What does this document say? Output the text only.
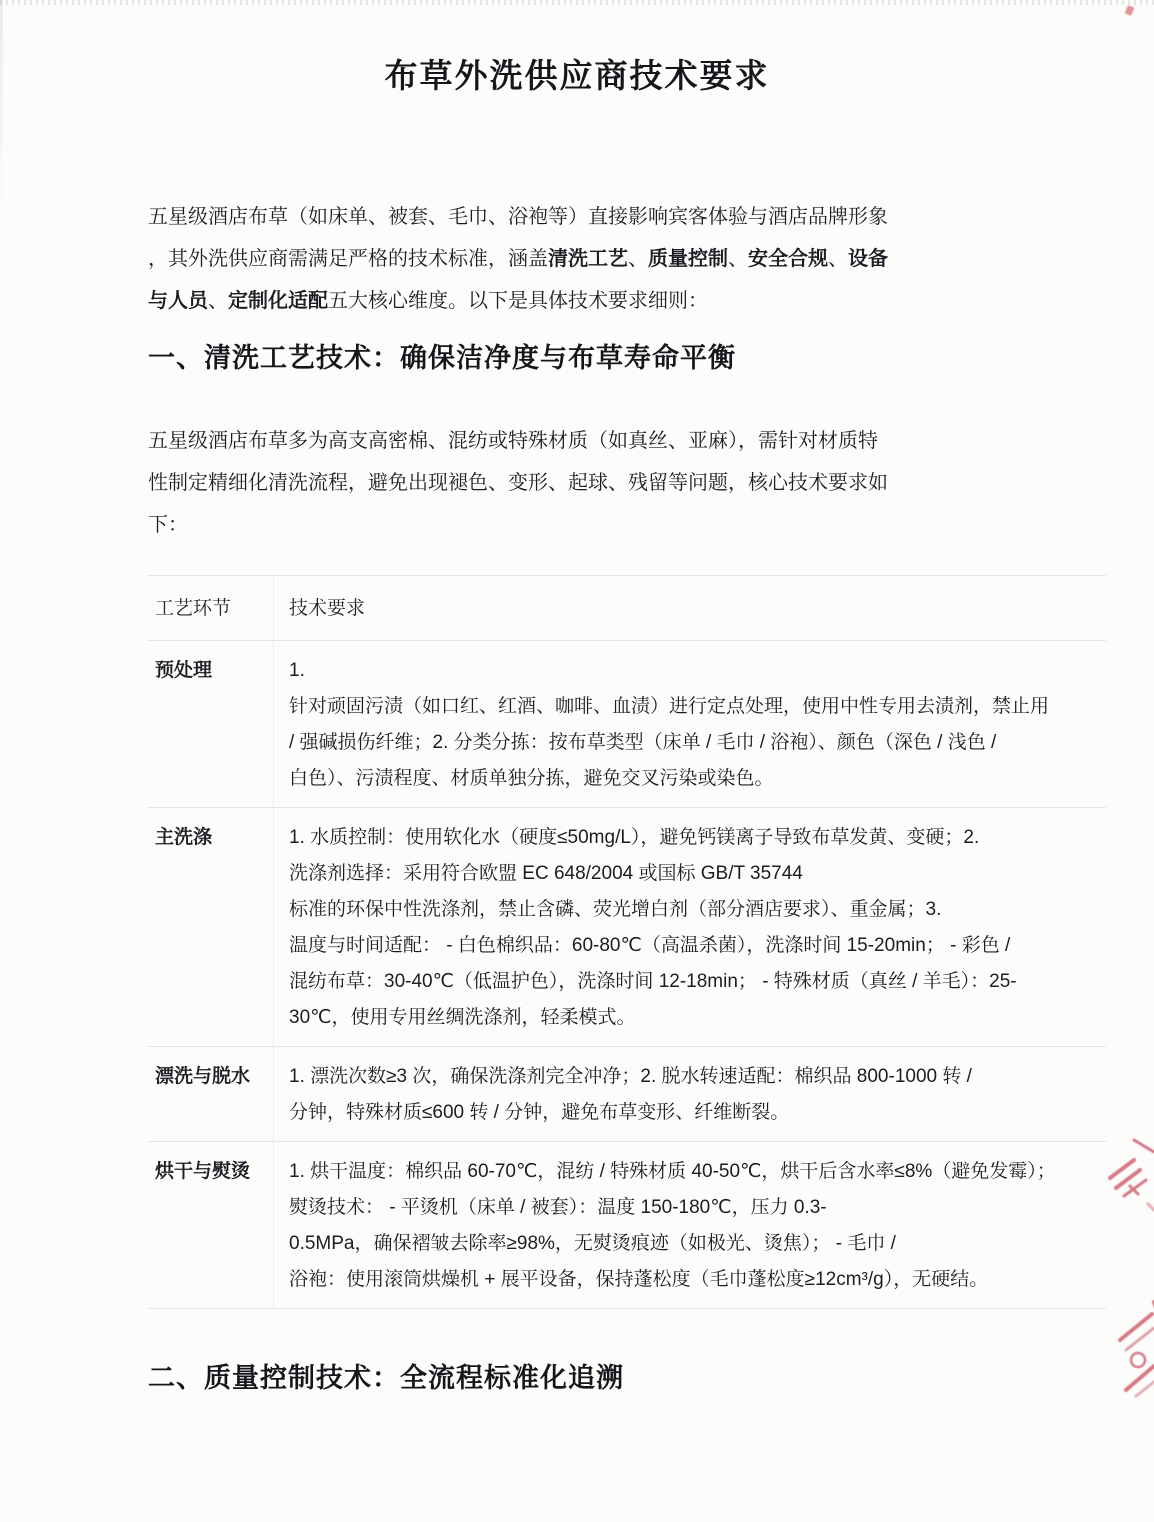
布草外洗供应商技术要求

五星级酒店布草（如床单、被套、毛巾、浴袍等）直接影响宾客体验与酒店品牌形象
，其外洗供应商需满足严格的技术标准，涵盖清洗工艺、质量控制、安全合规、设备
与人员、定制化适配五大核心维度。以下是具体技术要求细则：

一、清洗工艺技术：确保洁净度与布草寿命平衡

五星级酒店布草多为高支高密棉、混纺或特殊材质（如真丝、亚麻），需针对材质特
性制定精细化清洗流程，避免出现褪色、变形、起球、残留等问题，核心技术要求如
下：

工艺环节	技术要求
预处理	1.
针对顽固污渍（如口红、红酒、咖啡、血渍）进行定点处理，使用中性专用去渍剂，禁止用
/ 强碱损伤纤维；2. 分类分拣：按布草类型（床单 / 毛巾 / 浴袍）、颜色（深色 / 浅色 /
白色）、污渍程度、材质单独分拣，避免交叉污染或染色。
主洗涤	1. 水质控制：使用软化水（硬度≤50mg/L），避免钙镁离子导致布草发黄、变硬；2.
洗涤剂选择：采用符合欧盟 EC 648/2004 或国标 GB/T 35744
标准的环保中性洗涤剂，禁止含磷、荧光增白剂（部分酒店要求）、重金属；3.
温度与时间适配： - 白色棉织品：60-80℃（高温杀菌），洗涤时间 15-20min； - 彩色 /
混纺布草：30-40℃（低温护色），洗涤时间 12-18min； - 特殊材质（真丝 / 羊毛）：25-
30℃，使用专用丝绸洗涤剂，轻柔模式。
漂洗与脱水	1. 漂洗次数≥3 次，确保洗涤剂完全冲净；2. 脱水转速适配：棉织品 800-1000 转 /
分钟，特殊材质≤600 转 / 分钟，避免布草变形、纤维断裂。
烘干与熨烫	1. 烘干温度：棉织品 60-70℃，混纺 / 特殊材质 40-50℃，烘干后含水率≤8%（避免发霉）；
熨烫技术： - 平烫机（床单 / 被套）：温度 150-180℃，压力 0.3-
0.5MPa，确保褶皱去除率≥98%，无熨烫痕迹（如极光、烫焦）； - 毛巾 /
浴袍：使用滚筒烘燥机 + 展平设备，保持蓬松度（毛巾蓬松度≥12cm³/g），无硬结。
二、质量控制技术：全流程标准化追溯
